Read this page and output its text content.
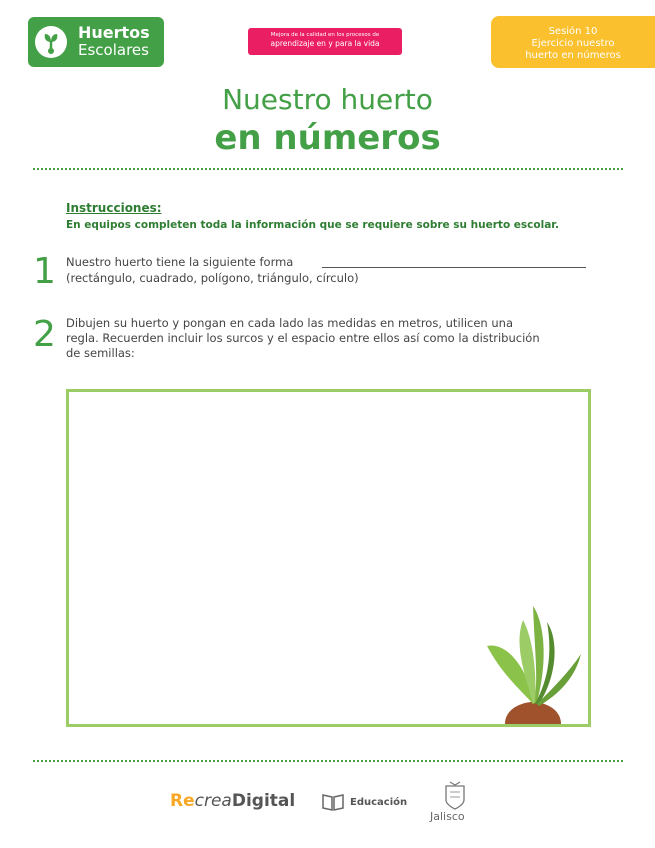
Huertos
Escolares
Mejora de la calidad en los procesos de
aprendizaje en y para la vida
Sesión 10
Ejercicio nuestro
huerto en números
Nuestro huerto
en números
Instrucciones:
En equipos completen toda la información que se requiere sobre su huerto escolar.
1 Nuestro huerto tiene la siguiente forma
(rectángulo, cuadrado, polígono, triángulo, círculo)
2 Dibujen su huerto y pongan en cada lado las medidas en metros, utilicen una
regla. Recuerden incluir los surcos y el espacio entre ellos así como la distribución
de semillas:
RecreaDigital	Educación
Jalisco
